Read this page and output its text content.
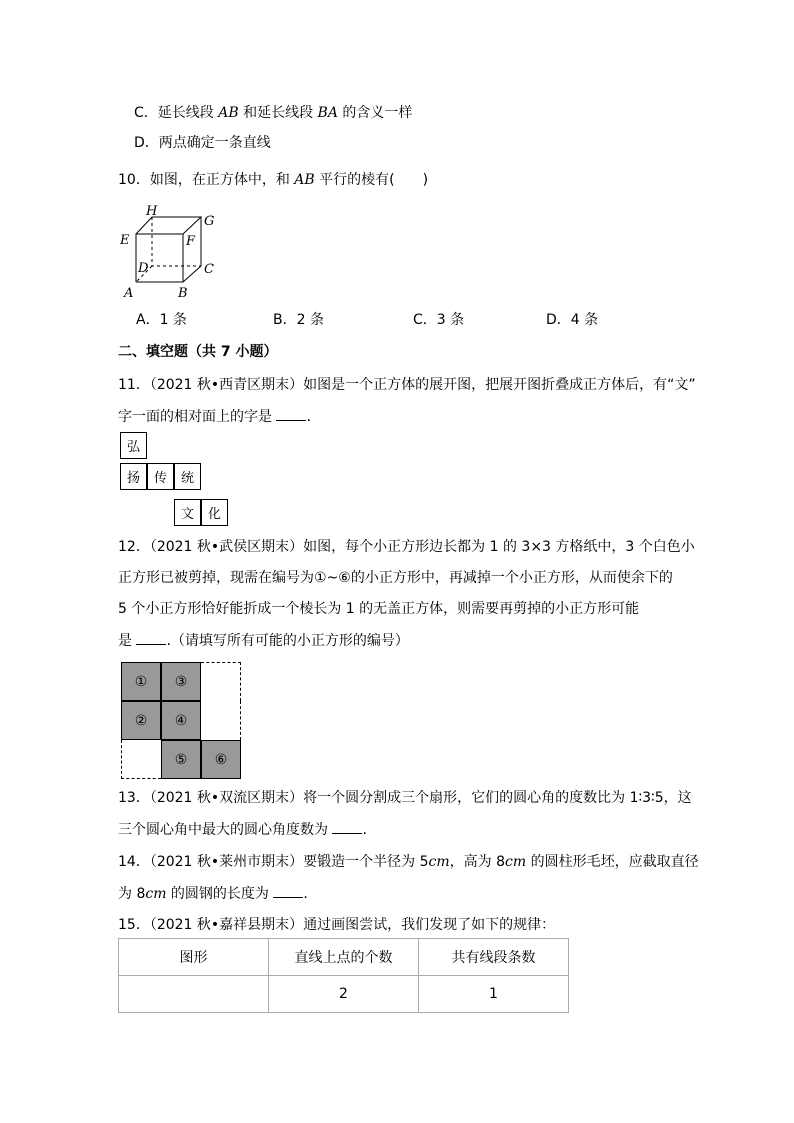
C．延长线段 AB 和延长线段 BA 的含义一样
D．两点确定一条直线
10．如图，在正方体中，和 AB 平行的棱有(　　)
H
G
E	F
D	C
A	B
A．1 条	B．2 条	C．3 条	D．4 条
二、填空题（共 7 小题）
11．（2021 秋•西青区期末）如图是一个正方体的展开图，把展开图折叠成正方体后，有“文”
字一面的相对面上的字是 .
弘
扬	传	统
文	化
12．（2021 秋•武侯区期末）如图，每个小正方形边长都为 1 的 3×3 方格纸中，3 个白色小
正方形已被剪掉，现需在编号为①~⑥的小正方形中，再减掉一个小正方形，从而使余下的
5 个小正方形恰好能折成一个棱长为 1 的无盖正方体，则需要再剪掉的小正方形可能
是 .（请填写所有可能的小正方形的编号）
①	③
②	④
⑤	⑥
13．（2021 秋•双流区期末）将一个圆分割成三个扇形，它们的圆心角的度数比为 1∶3∶5，这
三个圆心角中最大的圆心角度数为 .
14．（2021 秋•莱州市期末）要锻造一个半径为 5cm，高为 8cm 的圆柱形毛坯，应截取直径
为 8cm 的圆钢的长度为 .
15．（2021 秋•嘉祥县期末）通过画图尝试，我们发现了如下的规律：
图形	直线上点的个数	共有线段条数
	2	1
